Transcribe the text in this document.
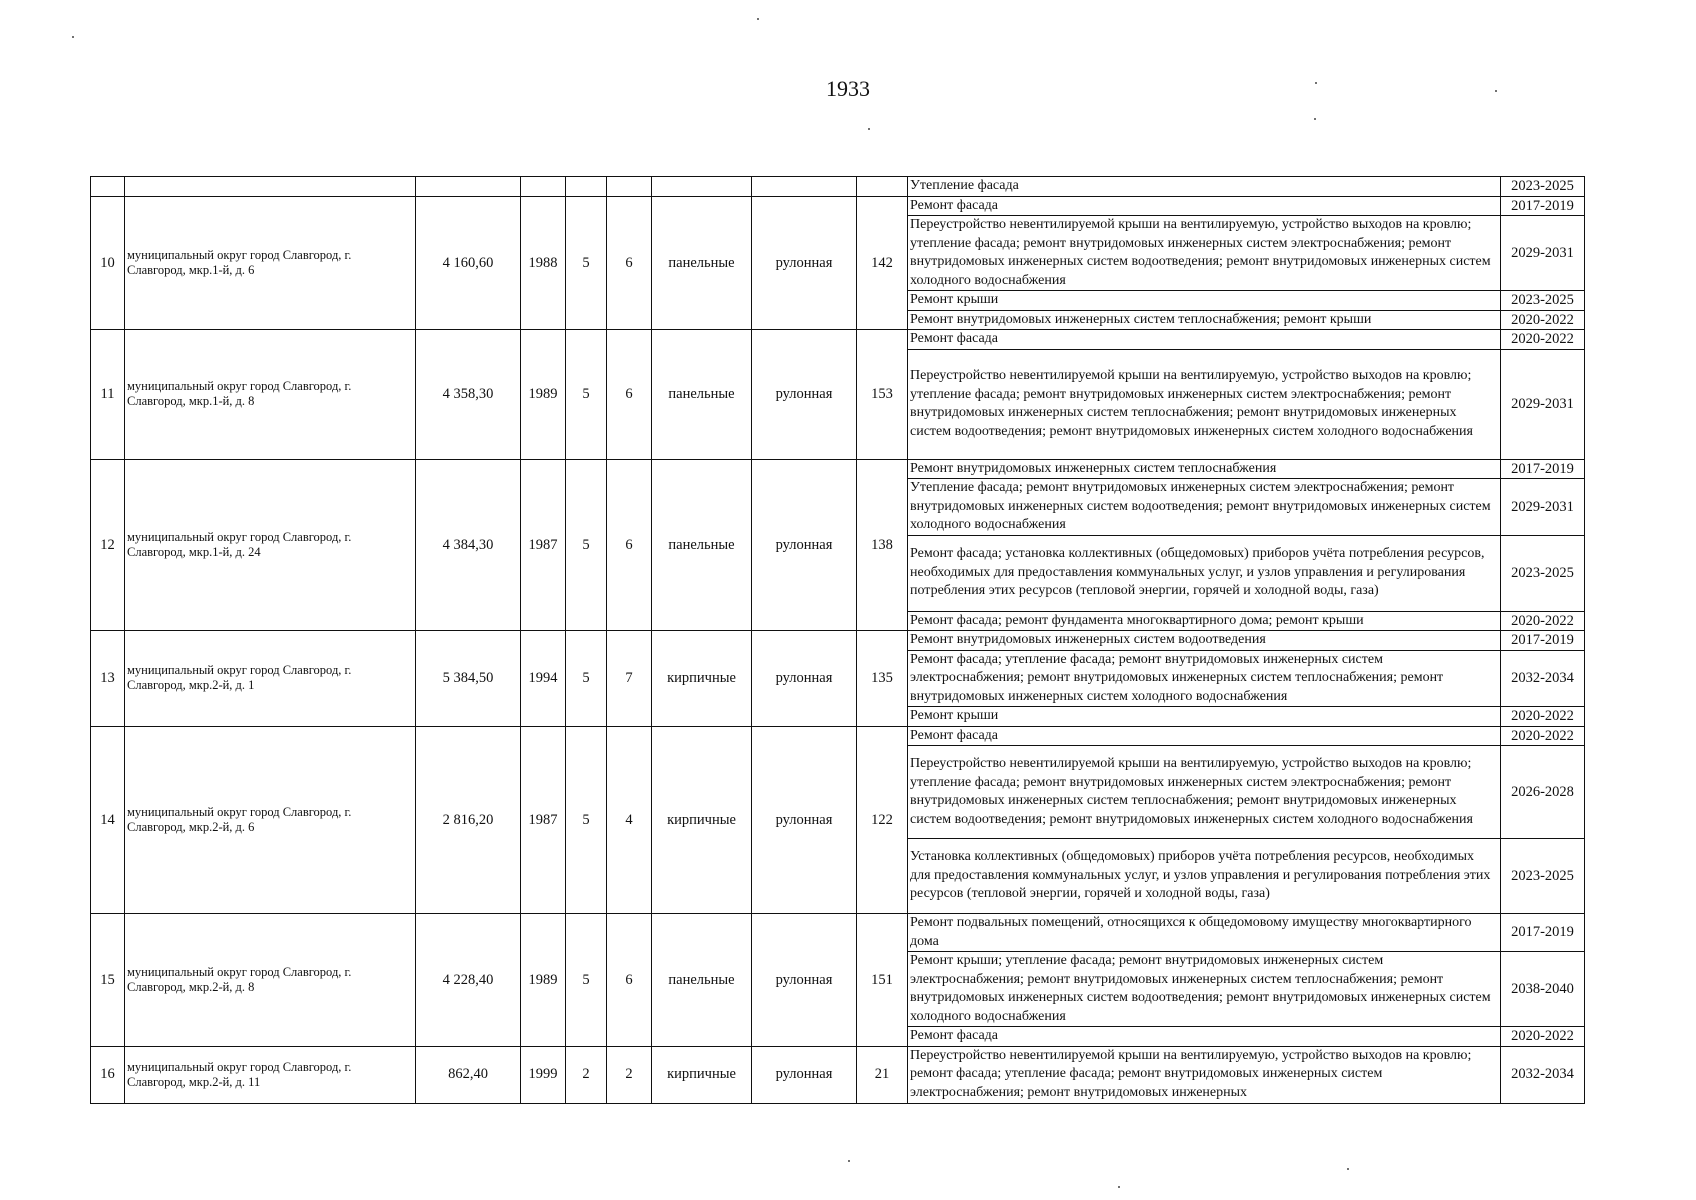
1933
									Утепление фасада	2023-2025
10	муниципальный округ город Славгород, г. Славгород, мкр.1-й, д. 6	4 160,60	1988	5	6	панельные	рулонная	142	Ремонт фасада	2017-2019
									Переустройство невентилируемой крыши на вентилируемую, устройство выходов на кровлю; утепление фасада; ремонт внутридомовых инженерных систем электроснабжения; ремонт внутридомовых инженерных систем водоотведения; ремонт внутридомовых инженерных систем холодного водоснабжения	2029-2031
									Ремонт крыши	2023-2025
									Ремонт внутридомовых инженерных систем теплоснабжения; ремонт крыши	2020-2022
11	муниципальный округ город Славгород, г. Славгород, мкр.1-й, д. 8	4 358,30	1989	5	6	панельные	рулонная	153	Ремонт фасада	2020-2022
									Переустройство невентилируемой крыши на вентилируемую, устройство выходов на кровлю; утепление фасада; ремонт внутридомовых инженерных систем электроснабжения; ремонт внутридомовых инженерных систем теплоснабжения; ремонт внутридомовых инженерных систем водоотведения; ремонт внутридомовых инженерных систем холодного водоснабжения	2029-2031
12	муниципальный округ город Славгород, г. Славгород, мкр.1-й, д. 24	4 384,30	1987	5	6	панельные	рулонная	138	Ремонт внутридомовых инженерных систем теплоснабжения	2017-2019
									Утепление фасада; ремонт внутридомовых инженерных систем электроснабжения; ремонт внутридомовых инженерных систем водоотведения; ремонт внутридомовых инженерных систем холодного водоснабжения	2029-2031
									Ремонт фасада; установка коллективных (общедомовых) приборов учёта потребления ресурсов, необходимых для предоставления коммунальных услуг, и узлов управления и регулирования потребления этих ресурсов (тепловой энергии, горячей и холодной воды, газа)	2023-2025
									Ремонт фасада; ремонт фундамента многоквартирного дома; ремонт крыши	2020-2022
13	муниципальный округ город Славгород, г. Славгород, мкр.2-й, д. 1	5 384,50	1994	5	7	кирпичные	рулонная	135	Ремонт внутридомовых инженерных систем водоотведения	2017-2019
									Ремонт фасада; утепление фасада; ремонт внутридомовых инженерных систем электроснабжения; ремонт внутридомовых инженерных систем теплоснабжения; ремонт внутридомовых инженерных систем холодного водоснабжения	2032-2034
									Ремонт крыши	2020-2022
14	муниципальный округ город Славгород, г. Славгород, мкр.2-й, д. 6	2 816,20	1987	5	4	кирпичные	рулонная	122	Ремонт фасада	2020-2022
									Переустройство невентилируемой крыши на вентилируемую, устройство выходов на кровлю; утепление фасада; ремонт внутридомовых инженерных систем электроснабжения; ремонт внутридомовых инженерных систем теплоснабжения; ремонт внутридомовых инженерных систем водоотведения; ремонт внутридомовых инженерных систем холодного водоснабжения	2026-2028
									Установка коллективных (общедомовых) приборов учёта потребления ресурсов, необходимых для предоставления коммунальных услуг, и узлов управления и регулирования потребления этих ресурсов (тепловой энергии, горячей и холодной воды, газа)	2023-2025
15	муниципальный округ город Славгород, г. Славгород, мкр.2-й, д. 8	4 228,40	1989	5	6	панельные	рулонная	151	Ремонт подвальных помещений, относящихся к общедомовому имуществу многоквартирного дома	2017-2019
									Ремонт крыши; утепление фасада; ремонт внутридомовых инженерных систем электроснабжения; ремонт внутридомовых инженерных систем теплоснабжения; ремонт внутридомовых инженерных систем водоотведения; ремонт внутридомовых инженерных систем холодного водоснабжения	2038-2040
									Ремонт фасада	2020-2022
16	муниципальный округ город Славгород, г. Славгород, мкр.2-й, д. 11	862,40	1999	2	2	кирпичные	рулонная	21	Переустройство невентилируемой крыши на вентилируемую, устройство выходов на кровлю; ремонт фасада; утепление фасада; ремонт внутридомовых инженерных систем электроснабжения; ремонт внутридомовых инженерных	2032-2034
